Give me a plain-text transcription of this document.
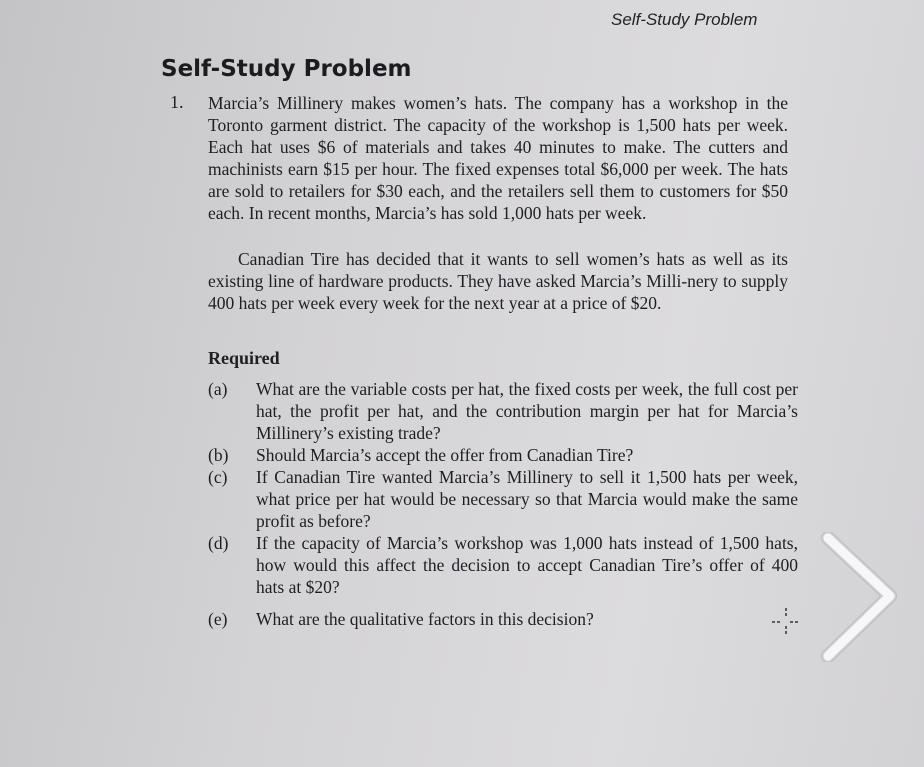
Self-Study Problem
Self-Study Problem
1. Marcia’s Millinery makes women’s hats. The company has a workshop in the Toronto garment district. The capacity of the workshop is 1,500 hats per week. Each hat uses $6 of materials and takes 40 minutes to make. The cutters and machinists earn $15 per hour. The fixed expenses total $6,000 per week. The hats are sold to retailers for $30 each, and the retailers sell them to customers for $50 each. In recent months, Marcia’s has sold 1,000 hats per week.
Canadian Tire has decided that it wants to sell women’s hats as well as its existing line of hardware products. They have asked Marcia’s Milli-nery to supply 400 hats per week every week for the next year at a price of $20.
Required
(a)	What are the variable costs per hat, the fixed costs per week, the full cost per hat, the profit per hat, and the contribution margin per hat for Marcia’s Millinery’s existing trade?
(b)	Should Marcia’s accept the offer from Canadian Tire?
(c)	If Canadian Tire wanted Marcia’s Millinery to sell it 1,500 hats per week, what price per hat would be necessary so that Marcia would make the same profit as before?
(d)	If the capacity of Marcia’s workshop was 1,000 hats instead of 1,500 hats, how would this affect the decision to accept Canadian Tire’s offer of 400 hats at $20?
(e)	What are the qualitative factors in this decision?
